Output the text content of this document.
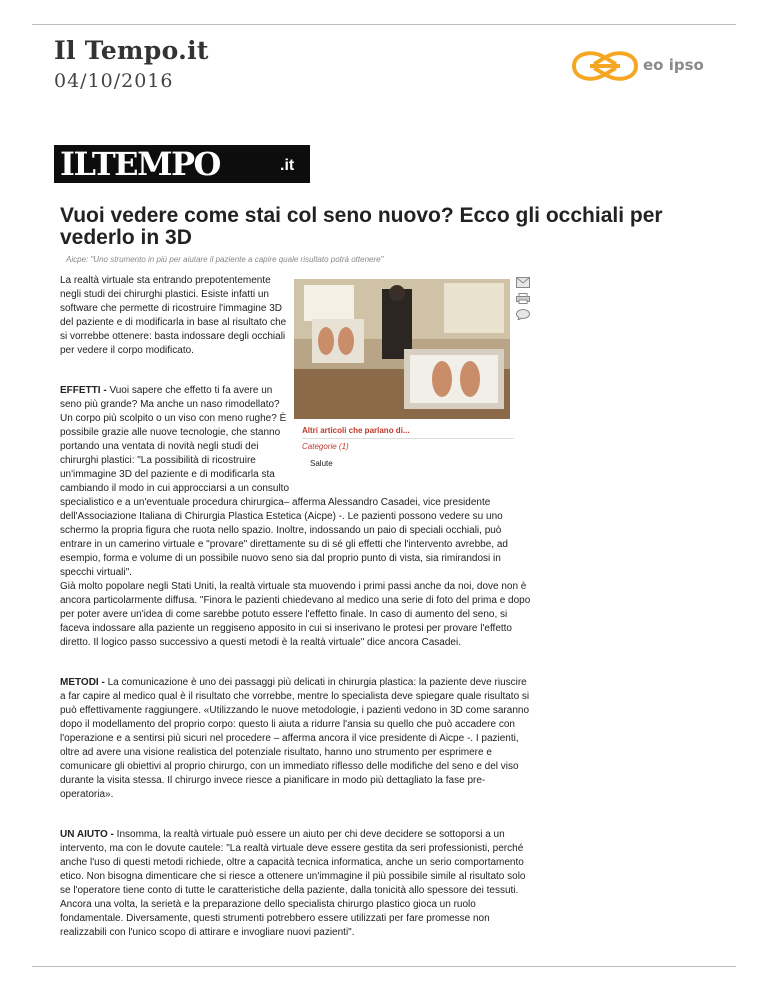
Il Tempo.it
04/10/2016
eo ipso
ILTEMPO	.it
Vuoi vedere come stai col seno nuovo? Ecco gli occhiali per vederlo in 3D
Aicpe: "Uno strumento in più per aiutare il paziente a capire quale risultato potrà ottenere"
Altri articoli che parlano di...
Categorie (1)
Salute

La realtà virtuale sta entrando prepotentemente negli studi dei chirurghi plastici. Esiste infatti un software che permette di ricostruire l'immagine 3D del paziente e di modificarla in base al risultato che si vorrebbe ottenere: basta indossare degli occhiali per vedere il corpo modificato.

EFFETTI - Vuoi sapere che effetto ti fa avere un seno più grande? Ma anche un naso rimodellato? Un corpo più scolpito o un viso con meno rughe? È possibile grazie alle nuove tecnologie, che stanno portando una ventata di novità negli studi dei chirurghi plastici: "La possibilità di ricostruire un'immagine 3D del paziente e di modificarla sta cambiando il modo in cui approcciarsi a un consulto specialistico e a un'eventuale procedura chirurgica– afferma Alessandro Casadei, vice presidente dell'Associazione Italiana di Chirurgia Plastica Estetica (Aicpe) -. Le pazienti possono vedere su uno schermo la propria figura che ruota nello spazio. Inoltre, indossando un paio di speciali occhiali, può entrare in un camerino virtuale e "provare" direttamente su di sé gli effetti che l'intervento avrebbe, ad esempio, forma e volume di un possibile nuovo seno sia dal proprio punto di vista, sia rimirandosi in specchi virtuali".

Già molto popolare negli Stati Uniti, la realtà virtuale sta muovendo i primi passi anche da noi, dove non è ancora particolarmente diffusa. "Finora le pazienti chiedevano al medico una serie di foto del prima e dopo per poter avere un'idea di come sarebbe potuto essere l'effetto finale. In caso di aumento del seno, si faceva indossare alla paziente un reggiseno apposito in cui si inserivano le protesi per provare l'effetto diretto. Il logico passo successivo a questi metodi è la realtà virtuale" dice ancora Casadei.

METODI - La comunicazione è uno dei passaggi più delicati in chirurgia plastica: la paziente deve riuscire a far capire al medico qual è il risultato che vorrebbe, mentre lo specialista deve spiegare quale risultato si può effettivamente raggiungere. «Utilizzando le nuove metodologie, i pazienti vedono in 3D come saranno dopo il modellamento del proprio corpo: questo li aiuta a ridurre l'ansia su quello che può accadere con l'operazione e a sentirsi più sicuri nel procedere – afferma ancora il vice presidente di Aicpe -. I pazienti, oltre ad avere una visione realistica del potenziale risultato, hanno uno strumento per esprimere e comunicare gli obiettivi al proprio chirurgo, con un immediato riflesso delle modifiche del seno e del viso durante la visita stessa. Il chirurgo invece riesce a pianificare in modo più dettagliato la fase pre-operatoria».

UN AIUTO - Insomma, la realtà virtuale può essere un aiuto per chi deve decidere se sottoporsi a un intervento, ma con le dovute cautele: "La realtà virtuale deve essere gestita da seri professionisti, perché anche l'uso di questi metodi richiede, oltre a capacità tecnica informatica, anche un serio comportamento etico. Non bisogna dimenticare che si riesce a ottenere un'immagine il più possibile simile al risultato solo se l'operatore tiene conto di tutte le caratteristiche della paziente, dalla tonicità allo spessore dei tessuti. Ancora una volta, la serietà e la preparazione dello specialista chirurgo plastico gioca un ruolo fondamentale. Diversamente, questi strumenti potrebbero essere utilizzati per fare promesse non realizzabili con l'unico scopo di attirare e invogliare nuovi pazienti".
